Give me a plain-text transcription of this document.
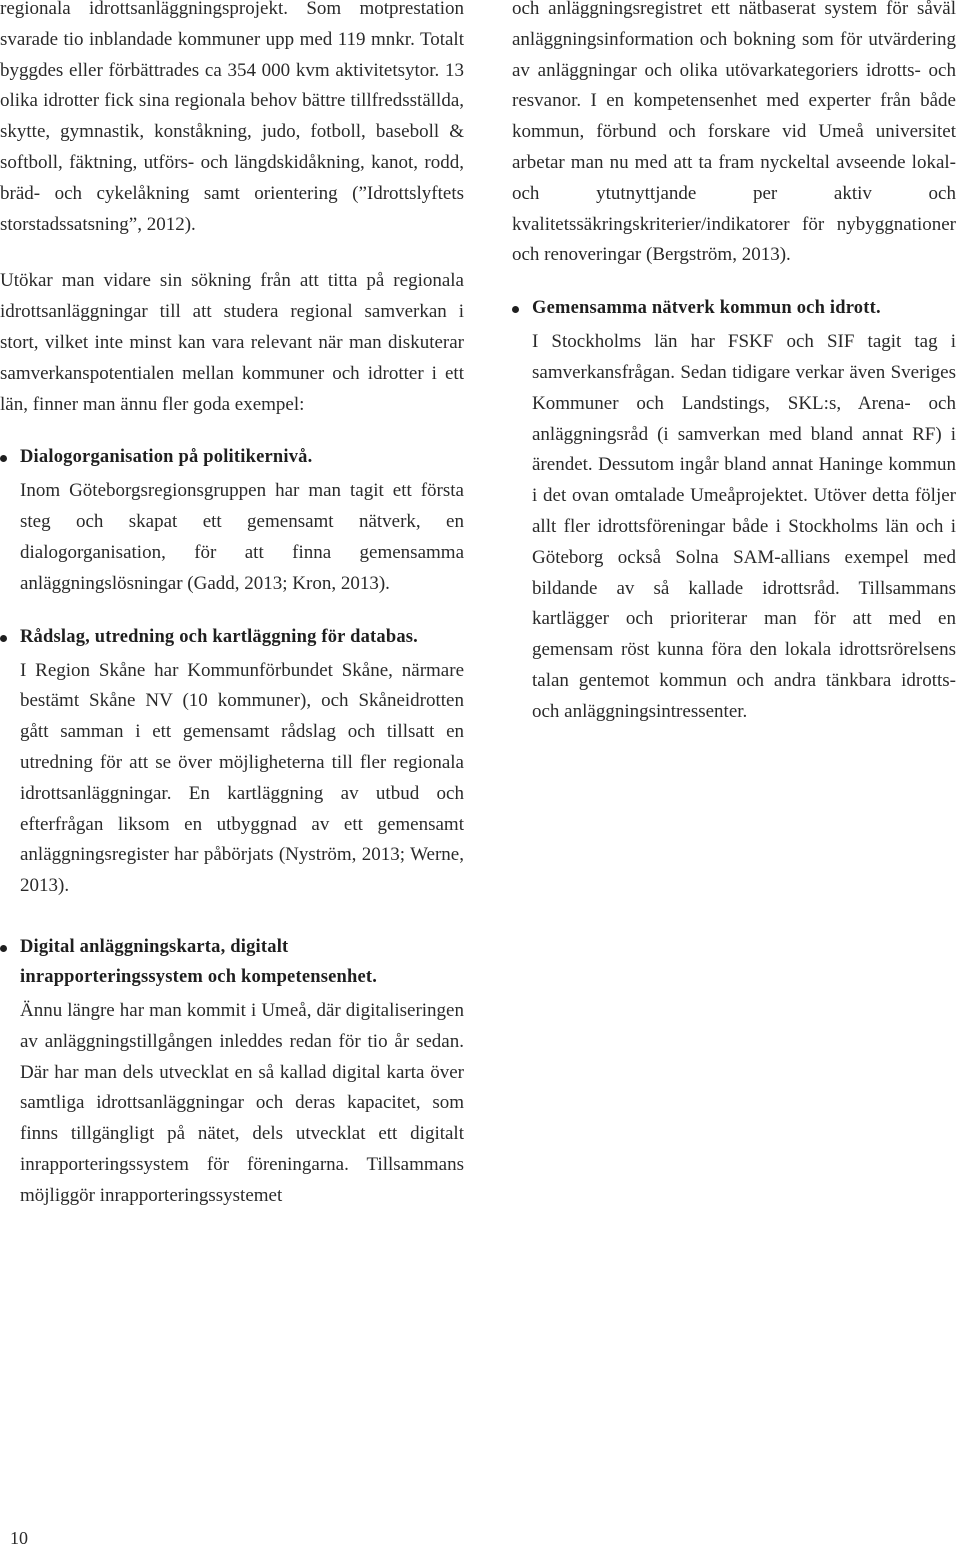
regionala idrottsanläggningsprojekt. Som motprestation svarade tio inblandade kommuner upp med 119 mnkr. Totalt byggdes eller förbättrades ca 354 000 kvm aktivitetsytor. 13 olika idrotter fick sina regionala behov bättre tillfredsställda, skytte, gymnastik, konståkning, judo, fotboll, baseboll & softboll, fäktning, utförs- och längdskidåkning, kanot, rodd, bräd- och cykelåkning samt orientering (”Idrottslyftets storstadssatsning”, 2012).

Utökar man vidare sin sökning från att titta på regionala idrottsanläggningar till att studera regional samverkan i stort, vilket inte minst kan vara relevant när man diskuterar samverkanspotentialen mellan kommuner och idrotter i ett län, finner man ännu fler goda exempel:

Dialogorganisation på politikernivå.

Inom Göteborgsregionsgruppen har man tagit ett första steg och skapat ett gemensamt nätverk, en dialogorganisation, för att finna gemensamma anläggningslösningar (Gadd, 2013; Kron, 2013).

Rådslag, utredning och kartläggning för databas.

I Region Skåne har Kommunförbundet Skåne, närmare bestämt Skåne NV (10 kommuner), och Skåneidrotten gått samman i ett gemensamt rådslag och tillsatt en utredning för att se över möjligheterna till fler regionala idrottsanläggningar. En kartläggning av utbud och efterfrågan liksom en utbyggnad av ett gemensamt anläggningsregister har påbörjats (Nyström, 2013; Werne, 2013).

Digital anläggningskarta, digitalt inrapporteringssystem och kompetensenhet.

Ännu längre har man kommit i Umeå, där digitaliseringen av anläggningstillgången inleddes redan för tio år sedan. Där har man dels utvecklat en så kallad digital karta över samtliga idrottsanläggningar och deras kapacitet, som finns tillgängligt på nätet, dels utvecklat ett digitalt inrapporteringssystem för föreningarna. Tillsammans möjliggör inrapporteringssystemet

och anläggningsregistret ett nätbaserat system för såväl anläggningsinformation och bokning som för utvärdering av anläggningar och olika utövarkategoriers idrotts- och resvanor. I en kompetensenhet med experter från både kommun, förbund och forskare vid Umeå universitet arbetar man nu med att ta fram nyckeltal avseende lokal- och ytutnyttjande per aktiv och kvalitetssäkringskriterier/indikatorer för nybyggnationer och renoveringar (Bergström, 2013).

Gemensamma nätverk kommun och idrott.

I Stockholms län har FSKF och SIF tagit tag i samverkansfrågan. Sedan tidigare verkar även Sveriges Kommuner och Landstings, SKL:s, Arena- och anläggningsråd (i samverkan med bland annat RF) i ärendet. Dessutom ingår bland annat Haninge kommun i det ovan omtalade Umeåprojektet. Utöver detta följer allt fler idrottsföreningar både i Stockholms län och i Göteborg också Solna SAM-allians exempel med bildande av så kallade idrottsråd. Tillsammans kartlägger och prioriterar man för att med en gemensam röst kunna föra den lokala idrottsrörelsens talan gentemot kommun och andra tänkbara idrotts- och anläggningsintressenter.

10
